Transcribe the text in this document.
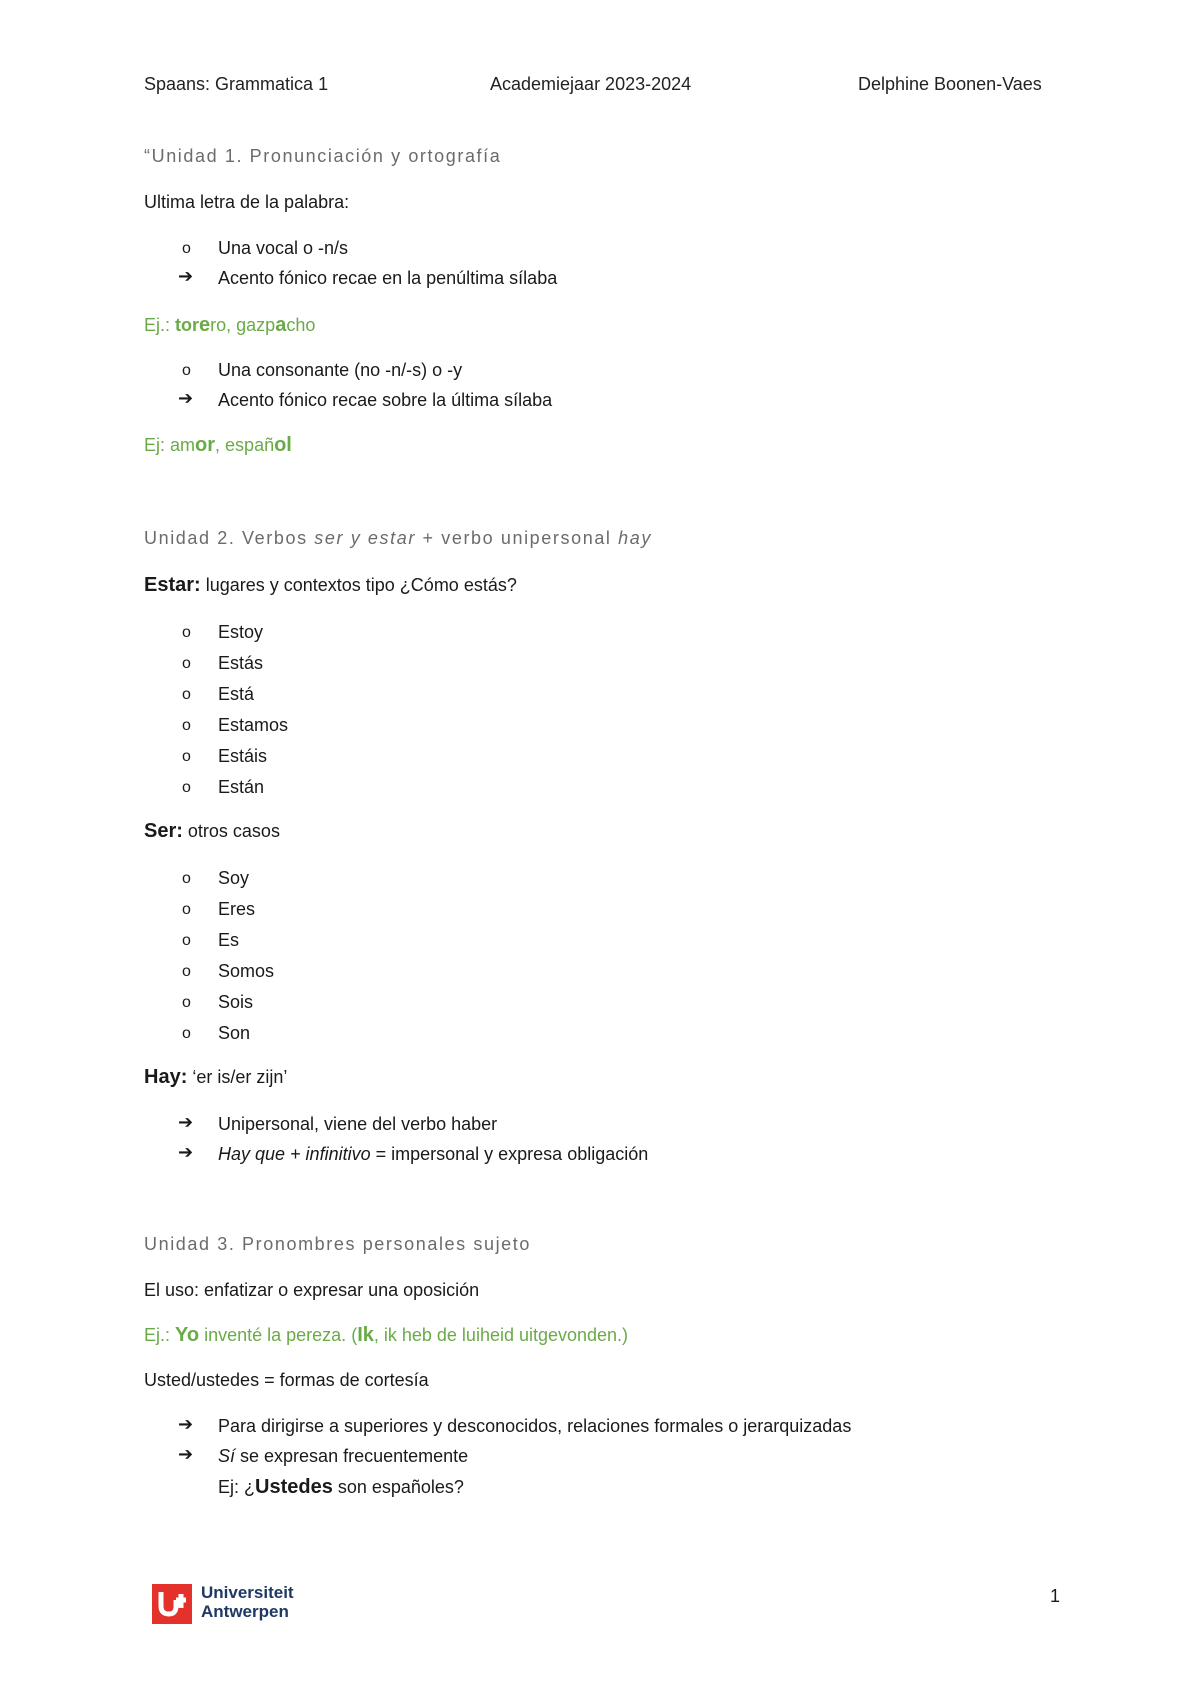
Spaans: Grammatica 1	Academiejaar 2023-2024	Delphine Boonen-Vaes
“Unidad 1. Pronunciación y ortografía
Ultima letra de la palabra:
o Una vocal o -n/s
➔ Acento fónico recae en la penúltima sílaba
Ej.: torero, gazpacho
o Una consonante (no -n/-s) o -y
➔ Acento fónico recae sobre la última sílaba
Ej: amor, español
Unidad 2. Verbos ser y estar + verbo unipersonal hay
Estar: lugares y contextos tipo ¿Cómo estás?
o Estoy
o Estás
o Está
o Estamos
o Estáis
o Están
Ser: otros casos
o Soy
o Eres
o Es
o Somos
o Sois
o Son
Hay: ‘er is/er zijn’
➔ Unipersonal, viene del verbo haber
➔ Hay que + infinitivo = impersonal y expresa obligación
Unidad 3. Pronombres personales sujeto
El uso: enfatizar o expresar una oposición
Ej.: Yo inventé la pereza. (Ik, ik heb de luiheid uitgevonden.)
Usted/ustedes = formas de cortesía
➔ Para dirigirse a superiores y desconocidos, relaciones formales o jerarquizadas
➔ Sí se expresan frecuentemente
Ej: ¿Ustedes son españoles?
Universiteit
Antwerpen
1
